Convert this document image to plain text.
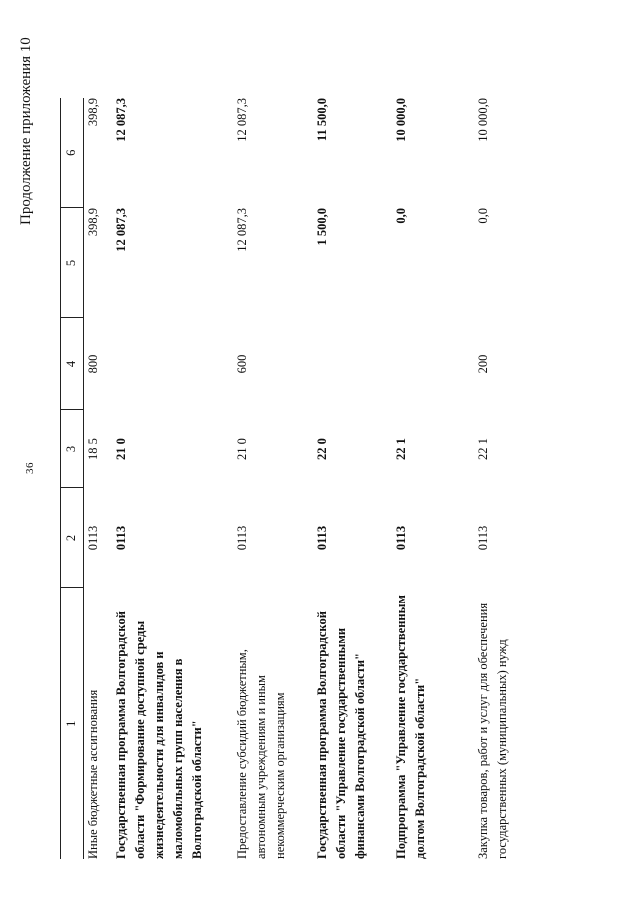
36
Продолжение приложения 10
1	2	3	4	5	6
Иные бюджетные ассигнования	0113	18 5	800	398,9	398,9
Государственная программа Волгоградской области "Формирование доступной среды жизнедеятельности для инвалидов и маломобильных групп населения в Волгоградской области"	0113	21 0		12 087,3	12 087,3
Предоставление субсидий бюджетным, автономным учреждениям и иным некоммерческим организациям	0113	21 0	600	12 087,3	12 087,3
Государственная программа Волгоградской области "Управление государственными финансами Волгоградской области"	0113	22 0		1 500,0	11 500,0
Подпрограмма "Управление государственным долгом Волгоградской области"	0113	22 1		0,0	10 000,0
Закупка товаров, работ и услуг для обеспечения государственных (муниципальных) нужд	0113	22 1	200	0,0	10 000,0
